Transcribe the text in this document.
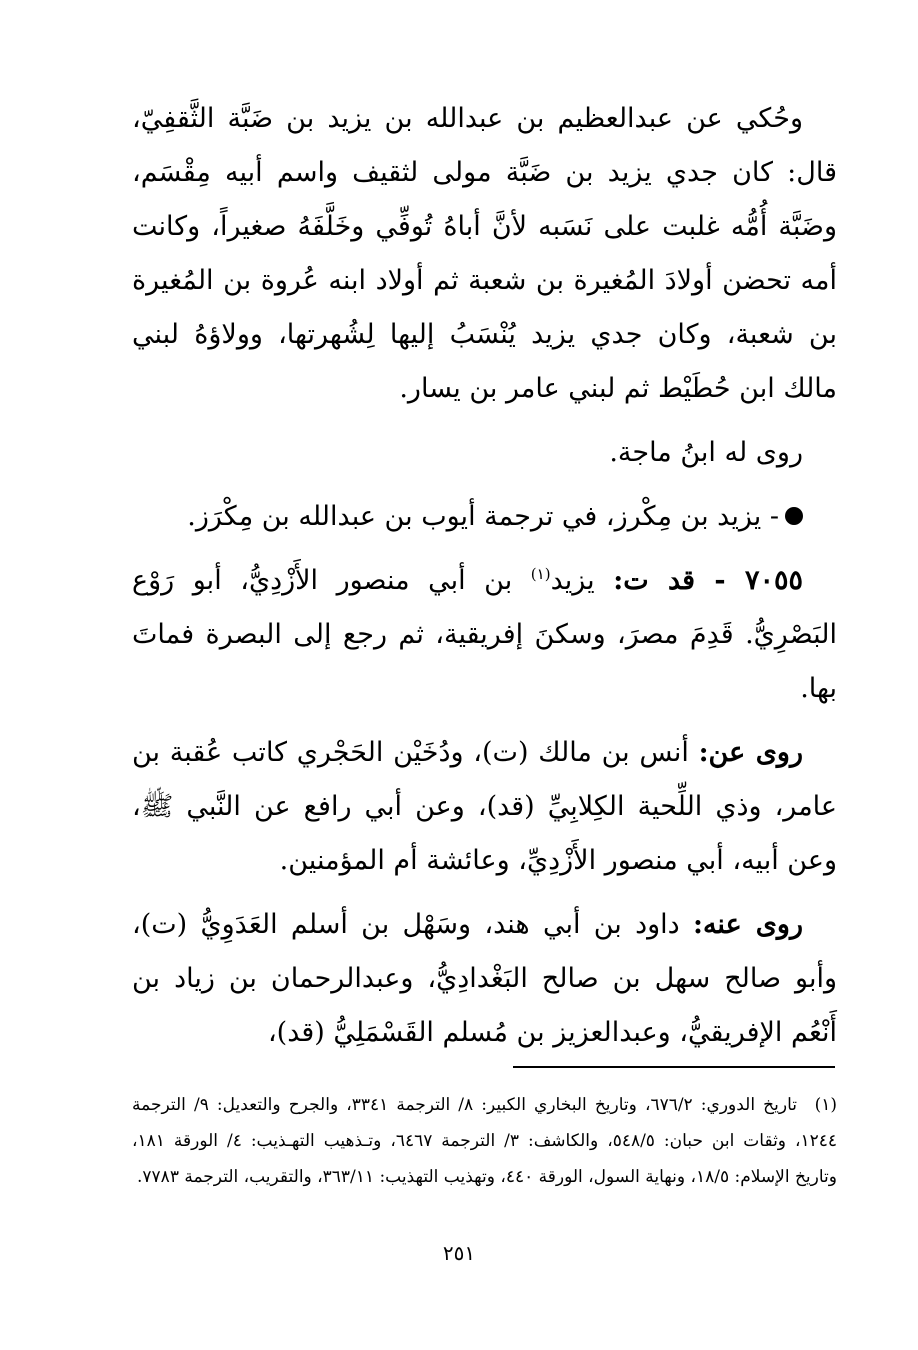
وحُكي عن عبدالعظيم بن عبدالله بن يزيد بن ضَبَّة الثَّقفِيّ، قال: كان جدي يزيد بن ضَبَّة مولى لثقيف واسم أبيه مِقْسَم، وضَبَّة أُمُّه غلبت على نَسَبه لأنَّ أباهُ تُوفِّي وخَلَّفَهُ صغيراً، وكانت أمه تحضن أولادَ المُغيرة بن شعبة ثم أولاد ابنه عُروة بن المُغيرة بن شعبة، وكان جدي يزيد يُنْسَبُ إليها لِشُهرتها، وولاؤهُ لبني مالك ابن حُطَيْط ثم لبني عامر بن يسار.

روى له ابنُ ماجة.

- يزيد بن مِكْرز، في ترجمة أيوب بن عبدالله بن مِكْرَز.

٧٠٥٥ - قد ت: يزيد$^{(١)}$ بن أبي منصور الأَزْدِيُّ، أبو رَوْع البَصْرِيُّ. قَدِمَ مصرَ، وسكنَ إفريقية، ثم رجع إلى البصرة فماتَ بها.

روى عن: أنس بن مالك (ت)، ودُخَيْن الحَجْري كاتب عُقبة بن عامر، وذي اللِّحية الكِلابِيِّ (قد)، وعن أبي رافع عن النَّبي ﷺ، وعن أبيه، أبي منصور الأَزْدِيِّ، وعائشة أم المؤمنين.

روى عنه: داود بن أبي هند، وسَهْل بن أسلم العَدَوِيُّ (ت)، وأبو صالح سهل بن صالح البَغْدادِيُّ، وعبدالرحمان بن زياد بن أَنْعُم الإفريقيُّ، وعبدالعزيز بن مُسلم القَسْمَلِيُّ (قد)،

(١)تاريخ الدوري: ٦٧٦/٢، وتاريخ البخاري الكبير: ٨/ الترجمة ٣٣٤١، والجرح والتعديل: ٩/ الترجمة ١٢٤٤، وثقات ابن حبان: ٥٤٨/٥، والكاشف: ٣/ الترجمة ٦٤٦٧، وتـذهيب التهـذيب: ٤/ الورقة ١٨١، وتاريخ الإسلام: ١٨/٥، ونهاية السول، الورقة ٤٤٠، وتهذيب التهذيب: ٣٦٣/١١، والتقريب، الترجمة ٧٧٨٣.
٢٥١
